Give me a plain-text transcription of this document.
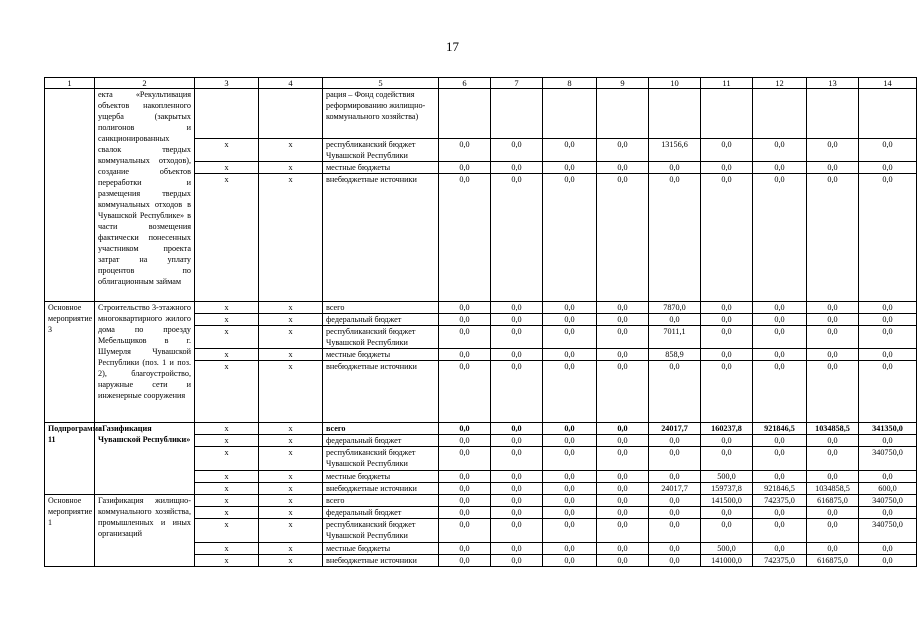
17
1	2	3	4	5	6	7	8	9	10	11	12	13	14
	екта «Рекультивация объектов накопленного ущерба (закрытых полигонов и санкционированных свалок твердых коммунальных отходов), создание объектов переработки и размещения твердых коммунальных отходов в Чувашской Республике» в части возмещения фактически понесенных участником проекта затрат на уплату процентов по облигационным займам			рация – Фонд содействия реформированию жилищно-коммунального хозяйства)									
		x	x	республиканский бюджет Чувашской Республики	0,0	0,0	0,0	0,0	13156,6	0,0	0,0	0,0	0,0
		x	x	местные бюджеты	0,0	0,0	0,0	0,0	0,0	0,0	0,0	0,0	0,0
		x	x	внебюджетные источники	0,0	0,0	0,0	0,0	0,0	0,0	0,0	0,0	0,0
Основное мероприятие 3	Строительство 3-этажного многоквартирного жилого дома по проезду Мебельщиков в г. Шумерля Чувашской Республики (поз. 1 и поз. 2), благоустройство, наружные сети и инженерные сооружения	x	x	всего	0,0	0,0	0,0	0,0	7870,0	0,0	0,0	0,0	0,0
		x	x	федеральный бюджет	0,0	0,0	0,0	0,0	0,0	0,0	0,0	0,0	0,0
		x	x	республиканский бюджет Чувашской Республики	0,0	0,0	0,0	0,0	7011,1	0,0	0,0	0,0	0,0
		x	x	местные бюджеты	0,0	0,0	0,0	0,0	858,9	0,0	0,0	0,0	0,0
		x	x	внебюджетные источники	0,0	0,0	0,0	0,0	0,0	0,0	0,0	0,0	0,0
Подпрограмма 11	«Газификация Чувашской Республики»	x	x	всего	0,0	0,0	0,0	0,0	24017,7	160237,8	921846,5	1034858,5	341350,0
		x	x	федеральный бюджет	0,0	0,0	0,0	0,0	0,0	0,0	0,0	0,0	0,0
		x	x	республиканский бюджет Чувашской Республики	0,0	0,0	0,0	0,0	0,0	0,0	0,0	0,0	340750,0
		x	x	местные бюджеты	0,0	0,0	0,0	0,0	0,0	500,0	0,0	0,0	0,0
		x	x	внебюджетные источники	0,0	0,0	0,0	0,0	24017,7	159737,8	921846,5	1034858,5	600,0
Основное мероприятие 1	Газификация жилищно-коммунального хозяйства, промышленных и иных организаций	x	x	всего	0,0	0,0	0,0	0,0	0,0	141500,0	742375,0	616875,0	340750,0
		x	x	федеральный бюджет	0,0	0,0	0,0	0,0	0,0	0,0	0,0	0,0	0,0
		x	x	республиканский бюджет Чувашской Республики	0,0	0,0	0,0	0,0	0,0	0,0	0,0	0,0	340750,0
		x	x	местные бюджеты	0,0	0,0	0,0	0,0	0,0	500,0	0,0	0,0	0,0
		x	x	внебюджетные источники	0,0	0,0	0,0	0,0	0,0	141000,0	742375,0	616875,0	0,0
